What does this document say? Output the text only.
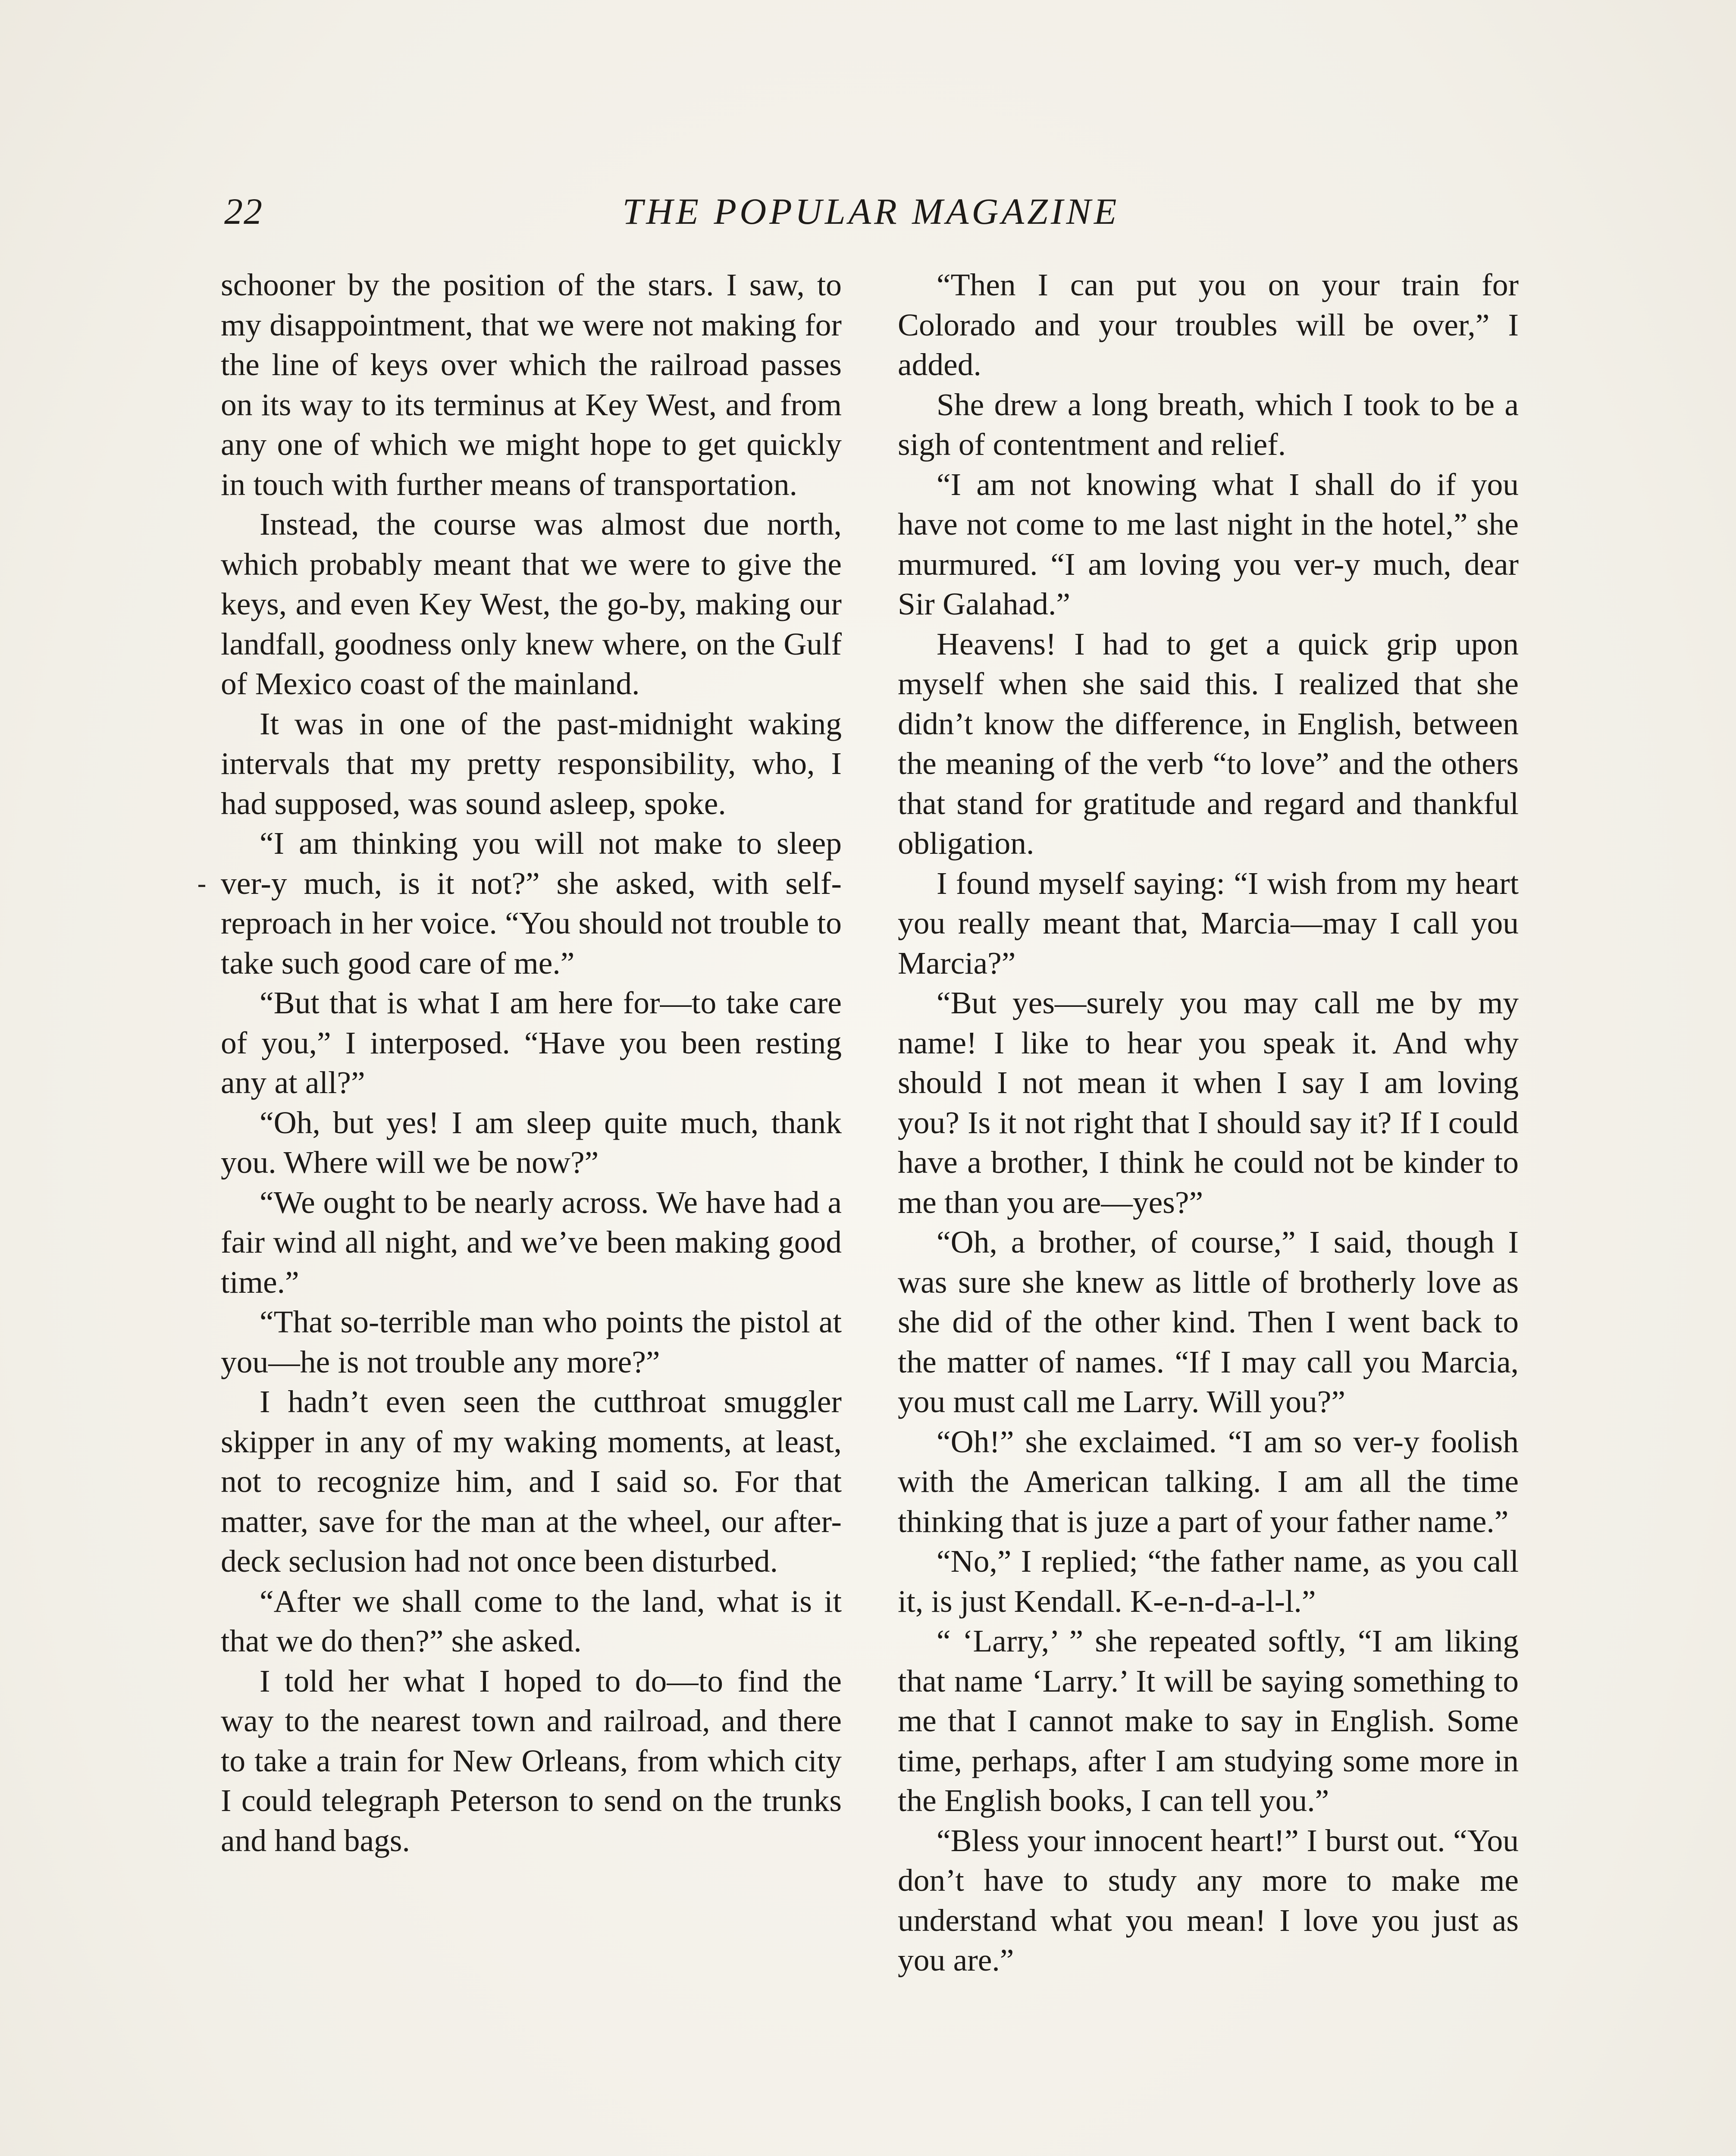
22	THE POPULAR MAGAZINE

schooner by the position of the stars. I saw, to my disappointment, that we were not making for the line of keys over which the railroad passes on its way to its terminus at Key West, and from any one of which we might hope to get quickly in touch with further means of transportation.

Instead, the course was almost due north, which probably meant that we were to give the keys, and even Key West, the go-by, making our landfall, goodness only knew where, on the Gulf of Mexico coast of the mainland.

It was in one of the past-midnight waking intervals that my pretty responsibility, who, I had supposed, was sound asleep, spoke.

“I am thinking you will not make to sleep ver-y much, is it not?” she asked, with self-reproach in her voice. “You should not trouble to take such good care of me.”

“But that is what I am here for—to take care of you,” I interposed. “Have you been resting any at all?”

“Oh, but yes! I am sleep quite much, thank you. Where will we be now?”

“We ought to be nearly across. We have had a fair wind all night, and we’ve been making good time.”

“That so-terrible man who points the pistol at you—he is not trouble any more?”

I hadn’t even seen the cutthroat smuggler skipper in any of my waking moments, at least, not to recognize him, and I said so. For that matter, save for the man at the wheel, our after-deck seclusion had not once been disturbed.

“After we shall come to the land, what is it that we do then?” she asked.

I told her what I hoped to do—to find the way to the nearest town and railroad, and there to take a train for New Orleans, from which city I could telegraph Peterson to send on the trunks and hand bags.

“Then I can put you on your train for Colorado and your troubles will be over,” I added.

She drew a long breath, which I took to be a sigh of contentment and relief.

“I am not knowing what I shall do if you have not come to me last night in the hotel,” she murmured. “I am loving you ver-y much, dear Sir Galahad.”

Heavens! I had to get a quick grip upon myself when she said this. I realized that she didn’t know the difference, in English, between the meaning of the verb “to love” and the others that stand for gratitude and regard and thankful obligation.

I found myself saying: “I wish from my heart you really meant that, Marcia—may I call you Marcia?”

“But yes—surely you may call me by my name! I like to hear you speak it. And why should I not mean it when I say I am loving you? Is it not right that I should say it? If I could have a brother, I think he could not be kinder to me than you are—yes?”

“Oh, a brother, of course,” I said, though I was sure she knew as little of brotherly love as she did of the other kind. Then I went back to the matter of names. “If I may call you Marcia, you must call me Larry. Will you?”

“Oh!” she exclaimed. “I am so ver-y foolish with the American talking. I am all the time thinking that is juze a part of your father name.”

“No,” I replied; “the father name, as you call it, is just Kendall. K-e-n-d-a-l-l.”

“ ‘Larry,’ ” she repeated softly, “I am liking that name ‘Larry.’ It will be saying something to me that I cannot make to say in English. Some time, perhaps, after I am studying some more in the English books, I can tell you.”

“Bless your innocent heart!” I burst out. “You don’t have to study any more to make me understand what you mean! I love you just as you are.”
